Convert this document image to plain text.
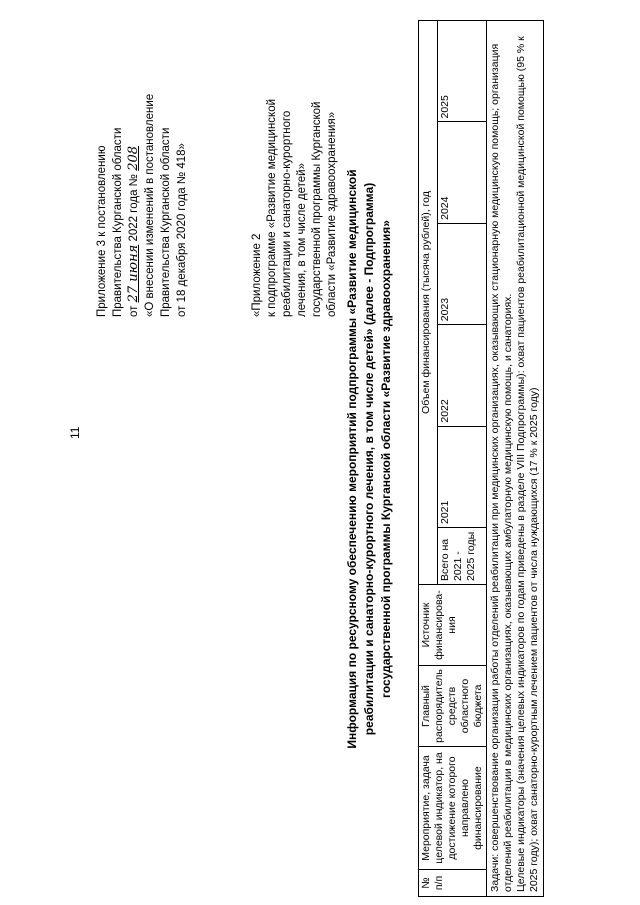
11
Приложение 3 к постановлению Правительства Курганской области от 27 июня 2022 года № 208 «О внесении изменений в постановление Правительства Курганской области от 18 декабря 2020 года № 418»	«Приложение 2 к подпрограмме «Развитие медицинской реабилитации и санаторно-курортного лечения, в том числе детей» государственной программы Курганской области «Развитие здравоохранения» Информация по ресурсному обеспечению мероприятий подпрограммы «Развитие медицинской реабилитации и санаторно-курортного лечения, в том числе детей» (далее - Подпрограмма) государственной программы Курганской области «Развитие здравоохранения»
№ п/п	Мероприятие, задача целевой индикатор, на достижение которого направлено финансирование	Главный распорядитель средств областного бюджета	Источник финансирова-ния	Объем финансирования (тысяча рублей), год					
				Всего на 2021 - 2025 годы	2021	2022	2023	2024	2025

Задачи: совершенствование организации работы отделений реабилитации при медицинских организациях, оказывающих стационарную медицинскую помощь; организация отделений реабилитации в медицинских организациях, оказывающих амбулаторную медицинскую помощь, и санаториях. Целевые индикаторы (значения целевых индикаторов по годам приведены в разделе VIII Подпрограммы): охват пациентов реабилитационной медицинской помощью (95 % к 2025 году); охват санаторно-курортным лечением пациентов от числа нуждающихся (17 % к 2025 году)									
